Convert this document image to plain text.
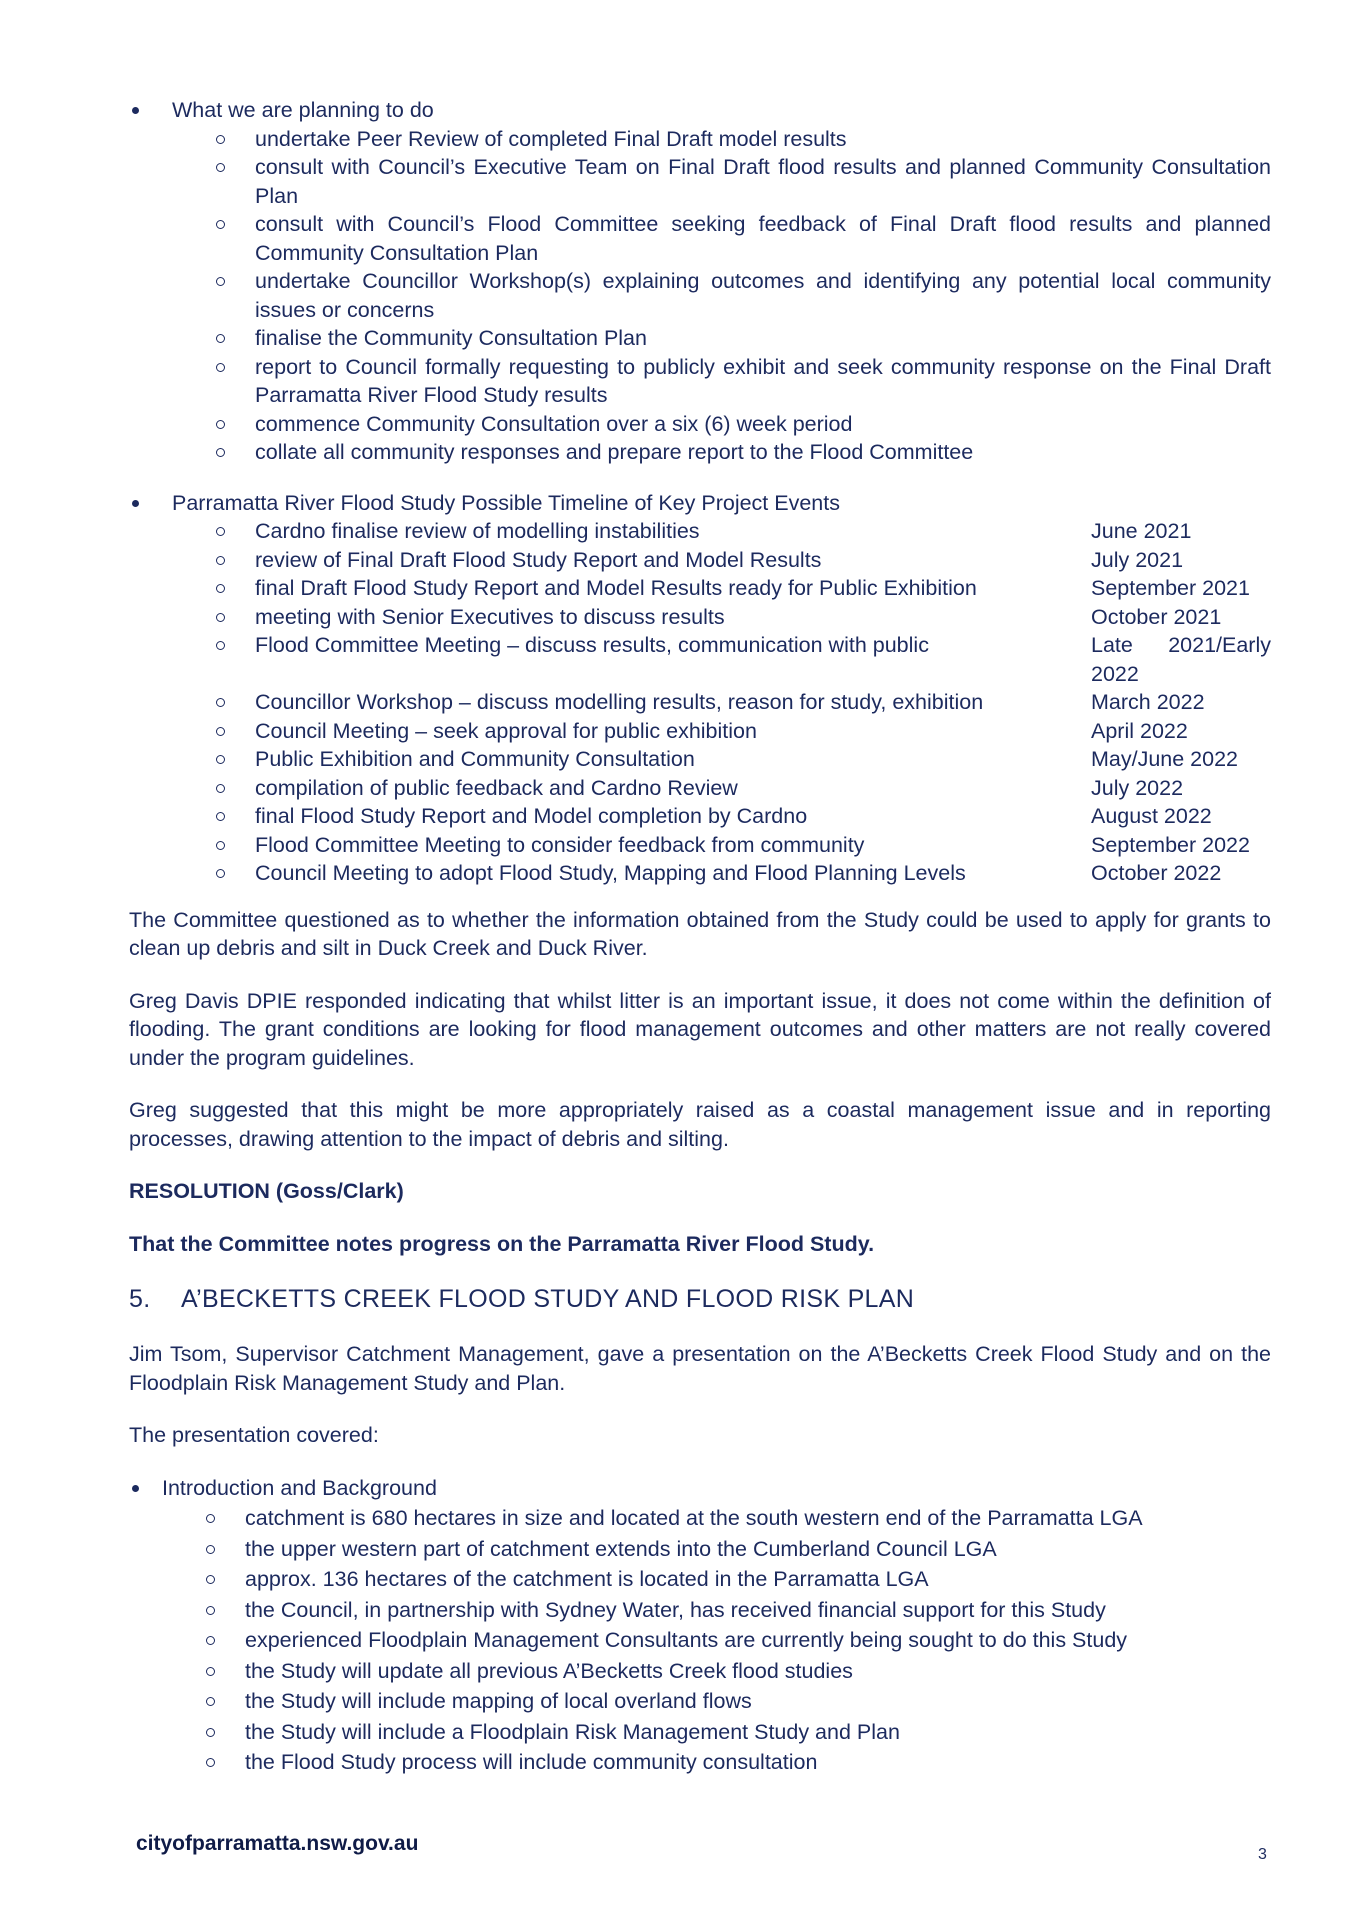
What we are planning to do
undertake Peer Review of completed Final Draft model results
consult with Council’s Executive Team on Final Draft flood results and planned Community Consultation Plan
consult with Council’s Flood Committee seeking feedback of Final Draft flood results and planned Community Consultation Plan
undertake Councillor Workshop(s) explaining outcomes and identifying any potential local community issues or concerns
finalise the Community Consultation Plan
report to Council formally requesting to publicly exhibit and seek community response on the Final Draft Parramatta River Flood Study results
commence Community Consultation over a six (6) week period
collate all community responses and prepare report to the Flood Committee
Parramatta River Flood Study Possible Timeline of Key Project Events
Cardno finalise review of modelling instabilities	June 2021
review of Final Draft Flood Study Report and Model Results	July 2021
final Draft Flood Study Report and Model Results ready for Public Exhibition	September 2021
meeting with Senior Executives to discuss results	October 2021
Flood Committee Meeting – discuss results, communication with public	Late 2021/Early 2022
Councillor Workshop – discuss modelling results, reason for study, exhibition	March 2022
Council Meeting – seek approval for public exhibition	April 2022
Public Exhibition and Community Consultation	May/June 2022
compilation of public feedback and Cardno Review	July 2022
final Flood Study Report and Model completion by Cardno	August 2022
Flood Committee Meeting to consider feedback from community	September 2022
Council Meeting to adopt Flood Study, Mapping and Flood Planning Levels	October 2022

The Committee questioned as to whether the information obtained from the Study could be used to apply for grants to clean up debris and silt in Duck Creek and Duck River.

Greg Davis DPIE responded indicating that whilst litter is an important issue, it does not come within the definition of flooding. The grant conditions are looking for flood management outcomes and other matters are not really covered under the program guidelines.

Greg suggested that this might be more appropriately raised as a coastal management issue and in reporting processes, drawing attention to the impact of debris and silting.

RESOLUTION (Goss/Clark)

That the Committee notes progress on the Parramatta River Flood Study.

5. A’BECKETTS CREEK FLOOD STUDY AND FLOOD RISK PLAN

Jim Tsom, Supervisor Catchment Management, gave a presentation on the A’Becketts Creek Flood Study and on the Floodplain Risk Management Study and Plan.

The presentation covered:

Introduction and Background
catchment is 680 hectares in size and located at the south western end of the Parramatta LGA
the upper western part of catchment extends into the Cumberland Council LGA
approx. 136 hectares of the catchment is located in the Parramatta LGA
the Council, in partnership with Sydney Water, has received financial support for this Study
experienced Floodplain Management Consultants are currently being sought to do this Study
the Study will update all previous A’Becketts Creek flood studies
the Study will include mapping of local overland flows
the Study will include a Floodplain Risk Management Study and Plan
the Flood Study process will include community consultation
cityofparramatta.nsw.gov.au	3
